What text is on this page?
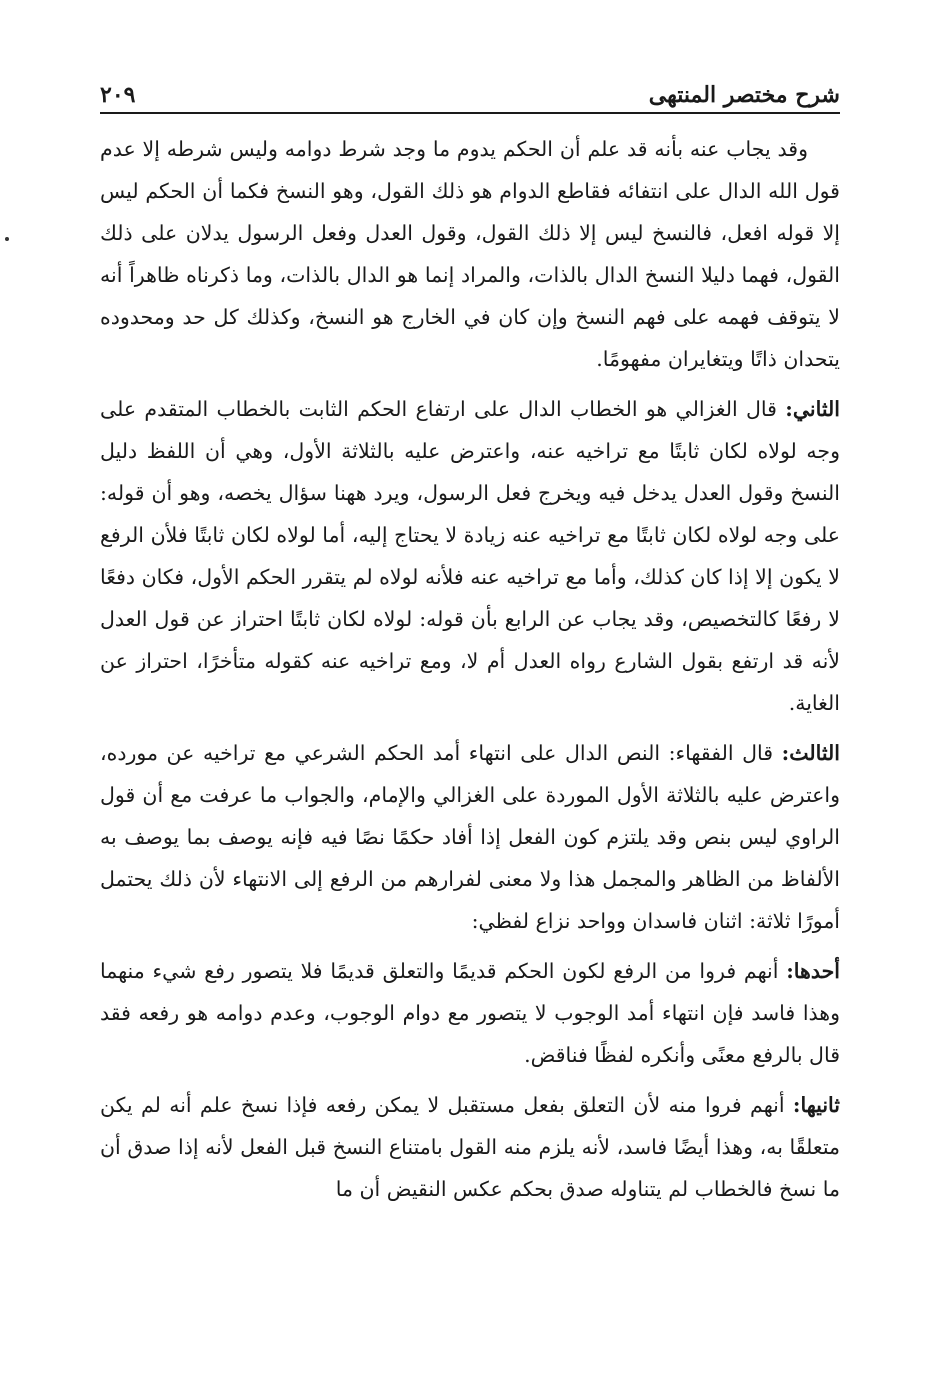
شرح مختصر المنتهى
٢٠٩

وقد يجاب عنه بأنه قد علم أن الحكم يدوم ما وجد شرط دوامه وليس شرطه إلا عدم قول الله الدال على انتفائه فقاطع الدوام هو ذلك القول، وهو النسخ فكما أن الحكم ليس إلا قوله افعل، فالنسخ ليس إلا ذلك القول، وقول العدل وفعل الرسول يدلان على ذلك القول، فهما دليلا النسخ الدال بالذات، والمراد إنما هو الدال بالذات، وما ذكرناه ظاهراً أنه لا يتوقف فهمه على فهم النسخ وإن كان في الخارج هو النسخ، وكذلك كل حد ومحدوده يتحدان ذاتًا ويتغايران مفهومًا.

الثاني: قال الغزالي هو الخطاب الدال على ارتفاع الحكم الثابت بالخطاب المتقدم على وجه لولاه لكان ثابتًا مع تراخيه عنه، واعترض عليه بالثلاثة الأول، وهي أن اللفظ دليل النسخ وقول العدل يدخل فيه ويخرج فعل الرسول، ويرد ههنا سؤال يخصه، وهو أن قوله: على وجه لولاه لكان ثابتًا مع تراخيه عنه زيادة لا يحتاج إليه، أما لولاه لكان ثابتًا فلأن الرفع لا يكون إلا إذا كان كذلك، وأما مع تراخيه عنه فلأنه لولاه لم يتقرر الحكم الأول، فكان دفعًا لا رفعًا كالتخصيص، وقد يجاب عن الرابع بأن قوله: لولاه لكان ثابتًا احتراز عن قول العدل لأنه قد ارتفع بقول الشارع رواه العدل أم لا، ومع تراخيه عنه كقوله متأخرًا، احتراز عن الغاية.

الثالث: قال الفقهاء: النص الدال على انتهاء أمد الحكم الشرعي مع تراخيه عن مورده، واعترض عليه بالثلاثة الأول الموردة على الغزالي والإمام، والجواب ما عرفت مع أن قول الراوي ليس بنص وقد يلتزم كون الفعل إذا أفاد حكمًا نصًا فيه فإنه يوصف بما يوصف به الألفاظ من الظاهر والمجمل هذا ولا معنى لفرارهم من الرفع إلى الانتهاء لأن ذلك يحتمل أمورًا ثلاثة: اثنان فاسدان وواحد نزاع لفظي:

أحدها: أنهم فروا من الرفع لكون الحكم قديمًا والتعلق قديمًا فلا يتصور رفع شيء منهما وهذا فاسد فإن انتهاء أمد الوجوب لا يتصور مع دوام الوجوب، وعدم دوامه هو رفعه فقد قال بالرفع معنًى وأنكره لفظًا فناقض.

ثانيها: أنهم فروا منه لأن التعلق بفعل مستقبل لا يمكن رفعه فإذا نسخ علم أنه لم يكن متعلقًا به، وهذا أيضًا فاسد، لأنه يلزم منه القول بامتناع النسخ قبل الفعل لأنه إذا صدق أن ما نسخ فالخطاب لم يتناوله صدق بحكم عكس النقيض أن ما
